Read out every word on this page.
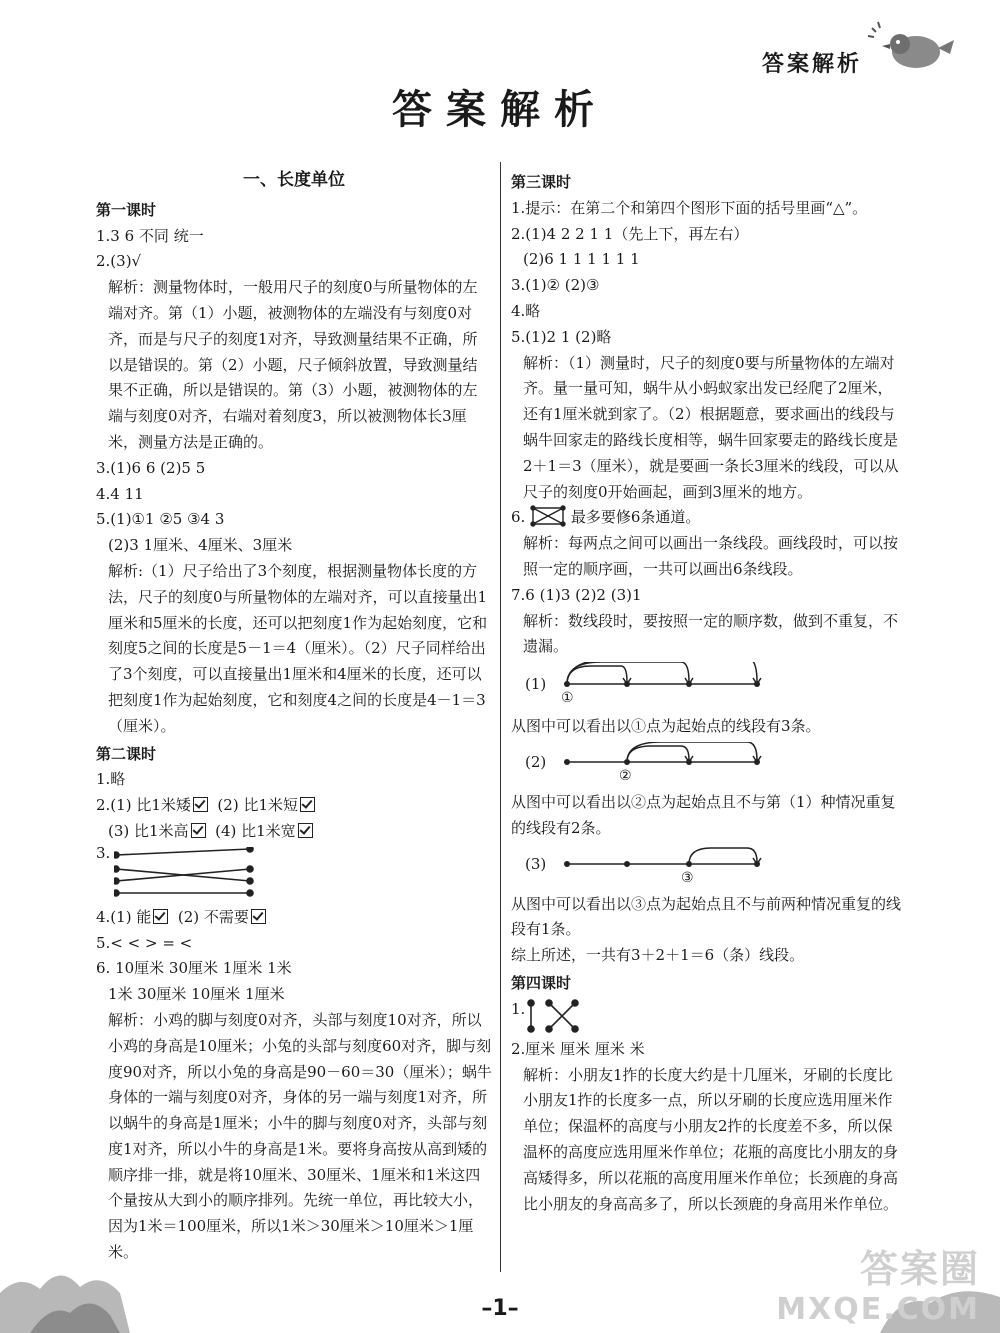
答案解析
答案解析
一、长度单位
第一课时

1.3 6 不同 统一

2.(3)√

解析：测量物体时，一般用尺子的刻度0与所量物体的左端对齐。第（1）小题，被测物体的左端没有与刻度0对齐，而是与尺子的刻度1对齐，导致测量结果不正确，所以是错误的。第（2）小题，尺子倾斜放置，导致测量结果不正确，所以是错误的。第（3）小题，被测物体的左端与刻度0对齐，右端对着刻度3，所以被测物体长3厘米，测量方法是正确的。

3.(1)6 6 (2)5 5

4.4 11

5.(1)①1 ②5 ③4 3

(2)3 1厘米、4厘米、3厘米

解析:（1）尺子给出了3个刻度，根据测量物体长度的方法，尺子的刻度0与所量物体的左端对齐，可以直接量出1厘米和5厘米的长度，还可以把刻度1作为起始刻度，它和刻度5之间的长度是5－1＝4（厘米）。（2）尺子同样给出了3个刻度，可以直接量出1厘米和4厘米的长度，还可以把刻度1作为起始刻度，它和刻度4之间的长度是4－1＝3（厘米）。

第二课时

1.略

2.(1) 比1米矮 (2) 比1米短

(3) 比1米高 (4) 比1米宽

3.

4.(1) 能 (2) 不需要

5.< < > = <

6. 10厘米 30厘米 1厘米 1米

1米 30厘米 10厘米 1厘米

解析：小鸡的脚与刻度0对齐，头部与刻度10对齐，所以小鸡的身高是10厘米；小兔的头部与刻度60对齐，脚与刻度90对齐，所以小兔的身高是90－60＝30（厘米）；蜗牛身体的一端与刻度0对齐，身体的另一端与刻度1对齐，所以蜗牛的身高是1厘米；小牛的脚与刻度0对齐，头部与刻度1对齐，所以小牛的身高是1米。要将身高按从高到矮的顺序排一排，就是将10厘米、30厘米、1厘米和1米这四个量按从大到小的顺序排列。先统一单位，再比较大小，因为1米＝100厘米，所以1米＞30厘米＞10厘米＞1厘米。

第三课时

1.提示：在第二个和第四个图形下面的括号里画“△”。

2.(1)4 2 2 1 1（先上下，再左右）

(2)6 1 1 1 1 1 1

3.(1)② (2)③

4.略

5.(1)2 1 (2)略

解析：（1）测量时，尺子的刻度0要与所量物体的左端对齐。量一量可知，蜗牛从小蚂蚁家出发已经爬了2厘米，还有1厘米就到家了。（2）根据题意，要求画出的线段与蜗牛回家走的路线长度相等，蜗牛回家要走的路线长度是2＋1＝3（厘米），就是要画一条长3厘米的线段，可以从尺子的刻度0开始画起，画到3厘米的地方。

6.	最多要修6条通道。

解析：每两点之间可以画出一条线段。画线段时，可以按照一定的顺序画，一共可以画出6条线段。

7.6 (1)3 (2)2 (3)1

解析：数线段时，要按照一定的顺序数，做到不重复，不遗漏。

(1)
①

从图中可以看出以①点为起始点的线段有3条。

(2)
②

从图中可以看出以②点为起始点且不与第（1）种情况重复的线段有2条。

(3)
③

从图中可以看出以③点为起始点且不与前两种情况重复的线段有1条。

综上所述，一共有3＋2＋1＝6（条）线段。

第四课时
1.

2.厘米 厘米 厘米 米

解析：小朋友1拃的长度大约是十几厘米，牙刷的长度比小朋友1拃的长度多一点，所以牙刷的长度应选用厘米作单位；保温杯的高度与小朋友2拃的长度差不多，所以保温杯的高度应选用厘米作单位；花瓶的高度比小朋友的身高矮得多，所以花瓶的高度用厘米作单位；长颈鹿的身高比小朋友的身高高多了，所以长颈鹿的身高用米作单位。

–1–
答案圈
MXQE.COM
